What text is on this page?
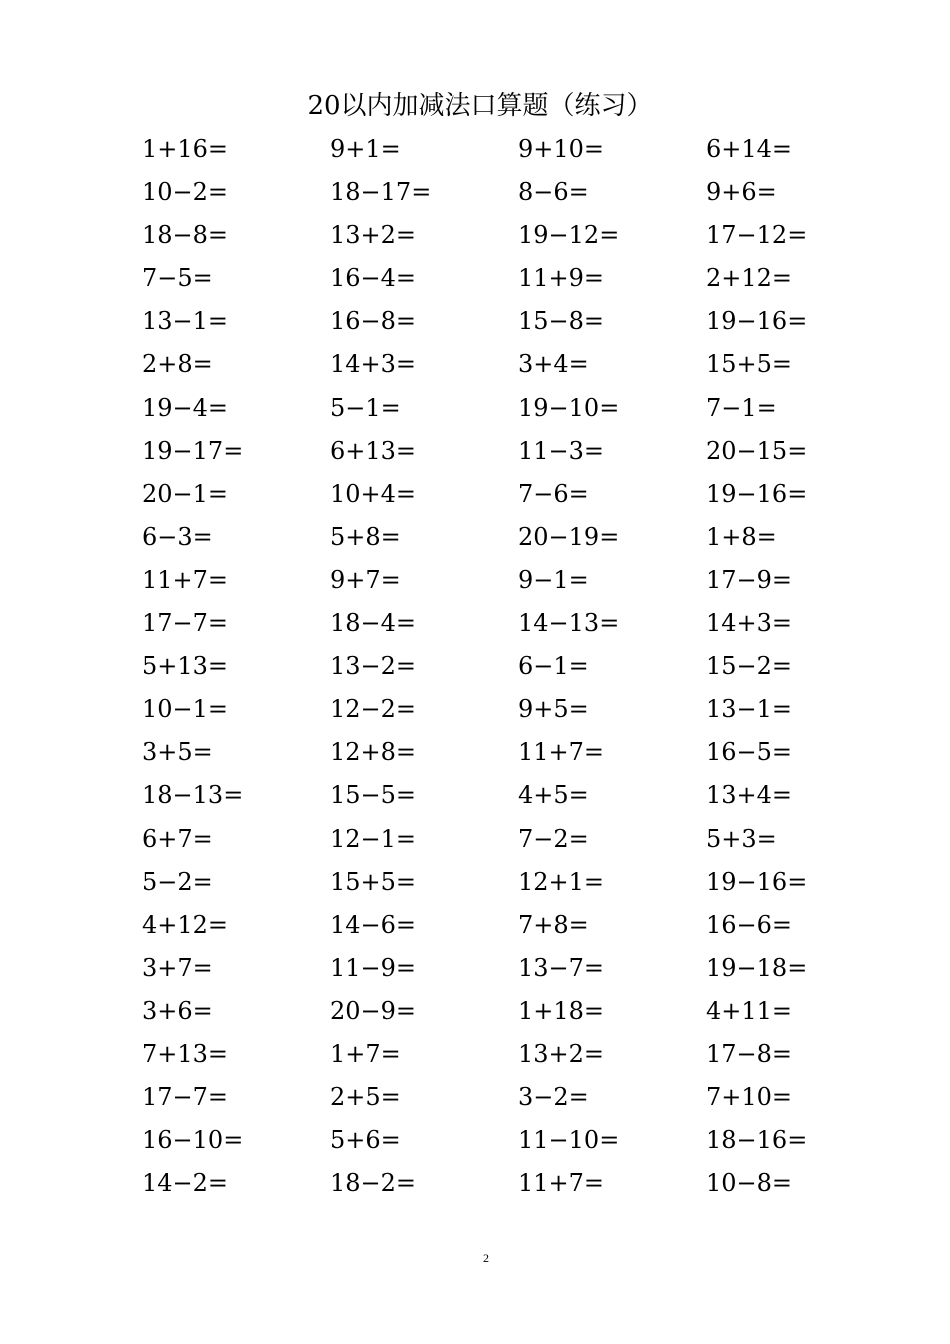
20以内加减法口算题（练习）
1+16=	9+1=	9+10=	6+14=
10−2=	18−17=	8−6=	9+6=
18−8=	13+2=	19−12=	17−12=
7−5=	16−4=	11+9=	2+12=
13−1=	16−8=	15−8=	19−16=
2+8=	14+3=	3+4=	15+5=
19−4=	5−1=	19−10=	7−1=
19−17=	6+13=	11−3=	20−15=
20−1=	10+4=	7−6=	19−16=
6−3=	5+8=	20−19=	1+8=
11+7=	9+7=	9−1=	17−9=
17−7=	18−4=	14−13=	14+3=
5+13=	13−2=	6−1=	15−2=
10−1=	12−2=	9+5=	13−1=
3+5=	12+8=	11+7=	16−5=
18−13=	15−5=	4+5=	13+4=
6+7=	12−1=	7−2=	5+3=
5−2=	15+5=	12+1=	19−16=
4+12=	14−6=	7+8=	16−6=
3+7=	11−9=	13−7=	19−18=
3+6=	20−9=	1+18=	4+11=
7+13=	1+7=	13+2=	17−8=
17−7=	2+5=	3−2=	7+10=
16−10=	5+6=	11−10=	18−16=
14−2=	18−2=	11+7=	10−8=
2
